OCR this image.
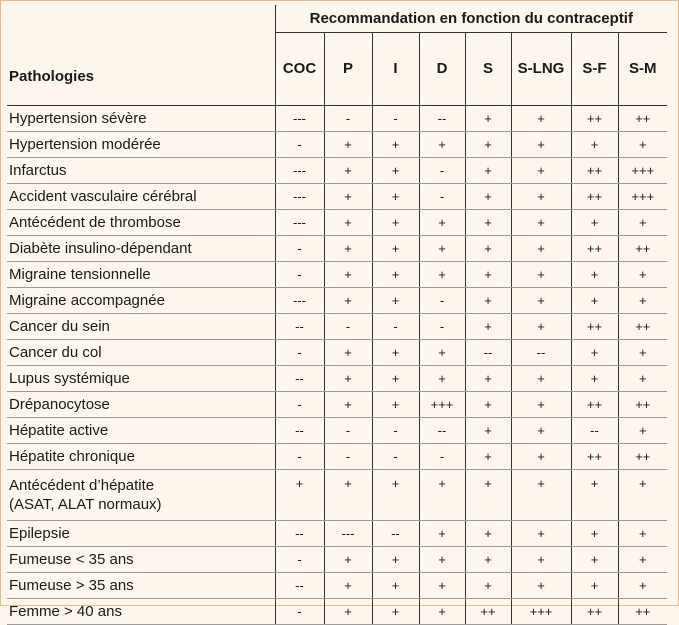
	Recommandation en fonction du contraceptif							
Pathologies	COC	P	I	D	S	S-LNG	S-F	S-M
Hypertension sévère	---	-	-	--	+	+	++	++
Hypertension modérée	-	+	+	+	+	+	+	+
Infarctus	---	+	+	-	+	+	++	+++
Accident vasculaire cérébral	---	+	+	-	+	+	++	+++
Antécédent de thrombose	---	+	+	+	+	+	+	+
Diabète insulino-dépendant	-	+	+	+	+	+	++	++
Migraine tensionnelle	-	+	+	+	+	+	+	+
Migraine accompagnée	---	+	+	-	+	+	+	+
Cancer du sein	--	-	-	-	+	+	++	++
Cancer du col	-	+	+	+	--	--	+	+
Lupus systémique	--	+	+	+	+	+	+	+
Drépanocytose	-	+	+	+++	+	+	++	++
Hépatite active	--	-	-	--	+	+	--	+
Hépatite chronique	-	-	-	-	+	+	++	++
Antécédent d’hépatite
(ASAT, ALAT normaux)	+	+	+	+	+	+	+	+
Epilepsie	--	---	--	+	+	+	+	+
Fumeuse < 35 ans	-	+	+	+	+	+	+	+
Fumeuse > 35 ans	--	+	+	+	+	+	+	+
Femme > 40 ans	-	+	+	+	++	+++	++	++
